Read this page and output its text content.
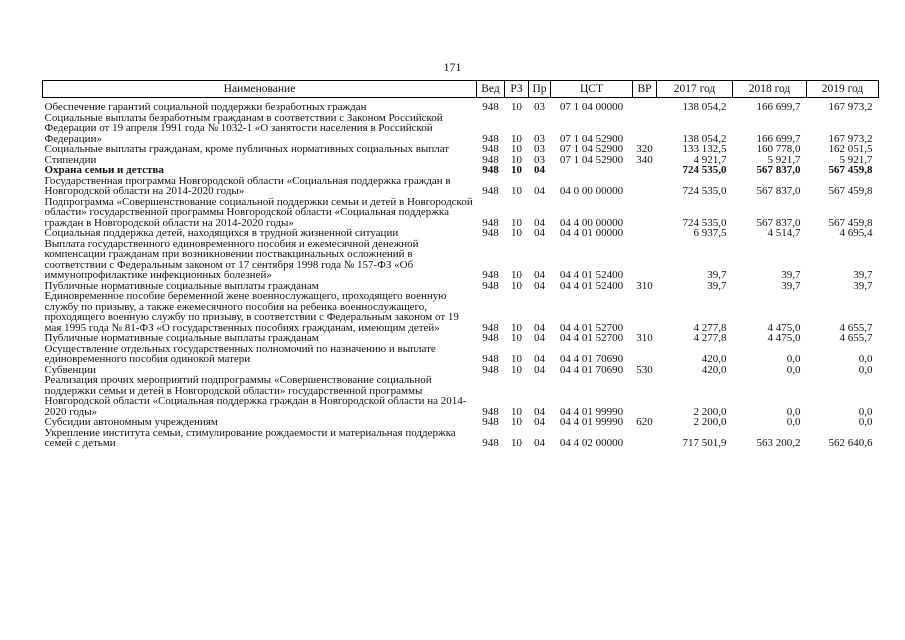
171
Наименование	Вед	РЗ	Пр	ЦСТ	ВР	2017 год	2018 год	2019 год

Обеспечение гарантий социальной поддержки безработных граждан	948	10	03	07 1 04 00000		138 054,2	166 699,7	167 973,2
Социальные выплаты безработным гражданам в соответствии с Законом Российской Федерации от 19 апреля 1991 года № 1032-1 «О занятости населения в Российской Федерации»	948	10	03	07 1 04 52900		138 054,2	166 699,7	167 973,2
Социальные выплаты гражданам, кроме публичных нормативных социальных выплат	948	10	03	07 1 04 52900	320	133 132,5	160 778,0	162 051,5
Стипендии	948	10	03	07 1 04 52900	340	4 921,7	5 921,7	5 921,7
Охрана семьи и детства	948	10	04			724 535,0	567 837,0	567 459,8
Государственная программа Новгородской области «Социальная поддержка граждан в Новгородской области на 2014-2020 годы»	948	10	04	04 0 00 00000		724 535,0	567 837,0	567 459,8
Подпрограмма «Совершенствование социальной поддержки семьи и детей в Новгородской области» государственной программы Новгородской области «Социальная поддержка граждан в Новгородской области на 2014-2020 годы»	948	10	04	04 4 00 00000		724 535,0	567 837,0	567 459,8
Социальная поддержка детей, находящихся в трудной жизненной ситуации	948	10	04	04 4 01 00000		6 937,5	4 514,7	4 695,4
Выплата государственного единовременного пособия и ежемесячной денежной компенсации гражданам при возникновении поствакцинальных осложнений в соответствии с Федеральным законом от 17 сентября 1998 года № 157-ФЗ «Об иммунопрофилактике инфекционных болезней»	948	10	04	04 4 01 52400		39,7	39,7	39,7
Публичные нормативные социальные выплаты гражданам	948	10	04	04 4 01 52400	310	39,7	39,7	39,7
Единовременное пособие беременной жене военнослужащего, проходящего военную службу по призыву, а также ежемесячного пособия на ребенка военнослужащего, проходящего военную службу по призыву, в соответствии с Федеральным законом от 19 мая 1995 года № 81-ФЗ «О государственных пособиях гражданам, имеющим детей»	948	10	04	04 4 01 52700		4 277,8	4 475,0	4 655,7
Публичные нормативные социальные выплаты гражданам	948	10	04	04 4 01 52700	310	4 277,8	4 475,0	4 655,7
Осуществление отдельных государственных полномочий по назначению и выплате единовременного пособия одинокой матери	948	10	04	04 4 01 70690		420,0	0,0	0,0
Субвенции	948	10	04	04 4 01 70690	530	420,0	0,0	0,0
Реализация прочих мероприятий подпрограммы «Совершенствование социальной поддержки семьи и детей в Новгородской области» государственной программы Новгородской области «Социальная поддержка граждан в Новгородской области на 2014-2020 годы»	948	10	04	04 4 01 99990		2 200,0	0,0	0,0
Субсидии автономным учреждениям	948	10	04	04 4 01 99990	620	2 200,0	0,0	0,0
Укрепление института семьи, стимулирование рождаемости и материальная поддержка семей с детьми	948	10	04	04 4 02 00000		717 501,9	563 200,2	562 640,6
